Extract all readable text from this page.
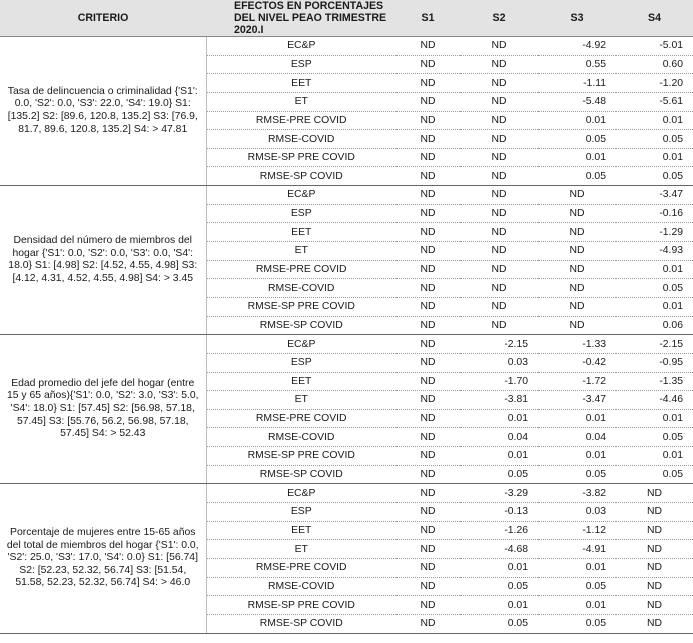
CRITERIO	EFECTOS EN PORCENTAJES DEL NIVEL PEAO TRIMESTRE 2020.I	S1	S2	S3	S4
Tasa de delincuencia o criminalidad {'S1': 0.0, 'S2': 0.0, 'S3': 22.0, 'S4': 19.0} S1: [135.2] S2: [89.6, 120.8, 135.2] S3: [76.9, 81.7, 89.6, 120.8, 135.2] S4: > 47.81	EC&P	ND	ND	-4.92	-5.01
	ESP	ND	ND	0.55	0.60
	EET	ND	ND	-1.11	-1.20
	ET	ND	ND	-5.48	-5.61
	RMSE-PRE COVID	ND	ND	0.01	0.01
	RMSE-COVID	ND	ND	0.05	0.05
	RMSE-SP PRE COVID	ND	ND	0.01	0.01
	RMSE-SP COVID	ND	ND	0.05	0.05
Densidad del número de miembros del hogar {'S1': 0.0, 'S2': 0.0, 'S3': 0.0, 'S4': 18.0} S1: [4.98] S2: [4.52, 4.55, 4.98] S3: [4.12, 4.31, 4.52, 4.55, 4.98] S4: > 3.45	EC&P	ND	ND	ND	-3.47
	ESP	ND	ND	ND	-0.16
	EET	ND	ND	ND	-1.29
	ET	ND	ND	ND	-4.93
	RMSE-PRE COVID	ND	ND	ND	0.01
	RMSE-COVID	ND	ND	ND	0.05
	RMSE-SP PRE COVID	ND	ND	ND	0.01
	RMSE-SP COVID	ND	ND	ND	0.06
Edad promedio del jefe del hogar (entre 15 y 65 años){'S1': 0.0, 'S2': 3.0, 'S3': 5.0, 'S4': 18.0} S1: [57.45] S2: [56.98, 57.18, 57.45] S3: [55.76, 56.2, 56.98, 57.18, 57.45] S4: > 52.43	EC&P	ND	-2.15	-1.33	-2.15
	ESP	ND	0.03	-0.42	-0.95
	EET	ND	-1.70	-1.72	-1.35
	ET	ND	-3.81	-3.47	-4.46
	RMSE-PRE COVID	ND	0.01	0.01	0.01
	RMSE-COVID	ND	0.04	0.04	0.05
	RMSE-SP PRE COVID	ND	0.01	0.01	0.01
	RMSE-SP COVID	ND	0.05	0.05	0.05
Porcentaje de mujeres entre 15-65 años del total de miembros del hogar {'S1': 0.0, 'S2': 25.0, 'S3': 17.0, 'S4': 0.0} S1: [56.74] S2: [52.23, 52.32, 56.74] S3: [51.54, 51.58, 52.23, 52.32, 56.74] S4: > 46.0	EC&P	ND	-3.29	-3.82	ND
	ESP	ND	-0.13	0.03	ND
	EET	ND	-1.26	-1.12	ND
	ET	ND	-4.68	-4.91	ND
	RMSE-PRE COVID	ND	0.01	0.01	ND
	RMSE-COVID	ND	0.05	0.05	ND
	RMSE-SP PRE COVID	ND	0.01	0.01	ND
	RMSE-SP COVID	ND	0.05	0.05	ND
